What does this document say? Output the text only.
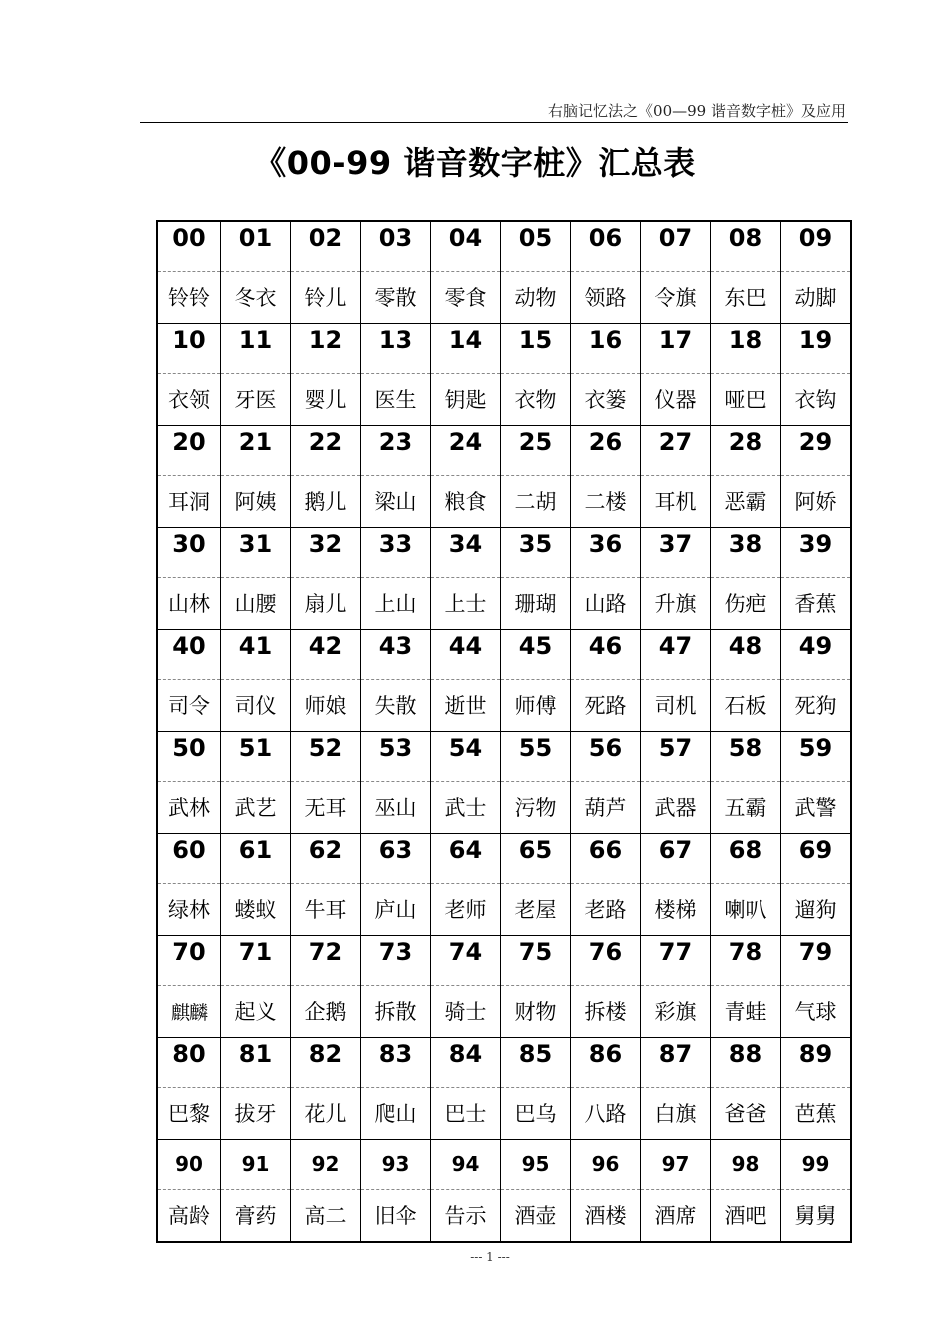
右脑记忆法之《00—99 谐音数字桩》及应用
《00-99 谐音数字桩》汇总表
00	01	02	03	04	05	06	07	08	09
铃铃	冬衣	铃儿	零散	零食	动物	领路	令旗	东巴	动脚
10	11	12	13	14	15	16	17	18	19
衣领	牙医	婴儿	医生	钥匙	衣物	衣篓	仪器	哑巴	衣钩
20	21	22	23	24	25	26	27	28	29
耳洞	阿姨	鹅儿	梁山	粮食	二胡	二楼	耳机	恶霸	阿娇
30	31	32	33	34	35	36	37	38	39
山林	山腰	扇儿	上山	上士	珊瑚	山路	升旗	伤疤	香蕉
40	41	42	43	44	45	46	47	48	49
司令	司仪	师娘	失散	逝世	师傅	死路	司机	石板	死狗
50	51	52	53	54	55	56	57	58	59
武林	武艺	无耳	巫山	武士	污物	葫芦	武器	五霸	武警
60	61	62	63	64	65	66	67	68	69
绿林	蝼蚁	牛耳	庐山	老师	老屋	老路	楼梯	喇叭	遛狗
70	71	72	73	74	75	76	77	78	79
麒麟	起义	企鹅	拆散	骑士	财物	拆楼	彩旗	青蛙	气球
80	81	82	83	84	85	86	87	88	89
巴黎	拔牙	花儿	爬山	巴士	巴乌	八路	白旗	爸爸	芭蕉
90	91	92	93	94	95	96	97	98	99
高龄	膏药	高二	旧伞	告示	酒壶	酒楼	酒席	酒吧	舅舅
--- 1 ---
